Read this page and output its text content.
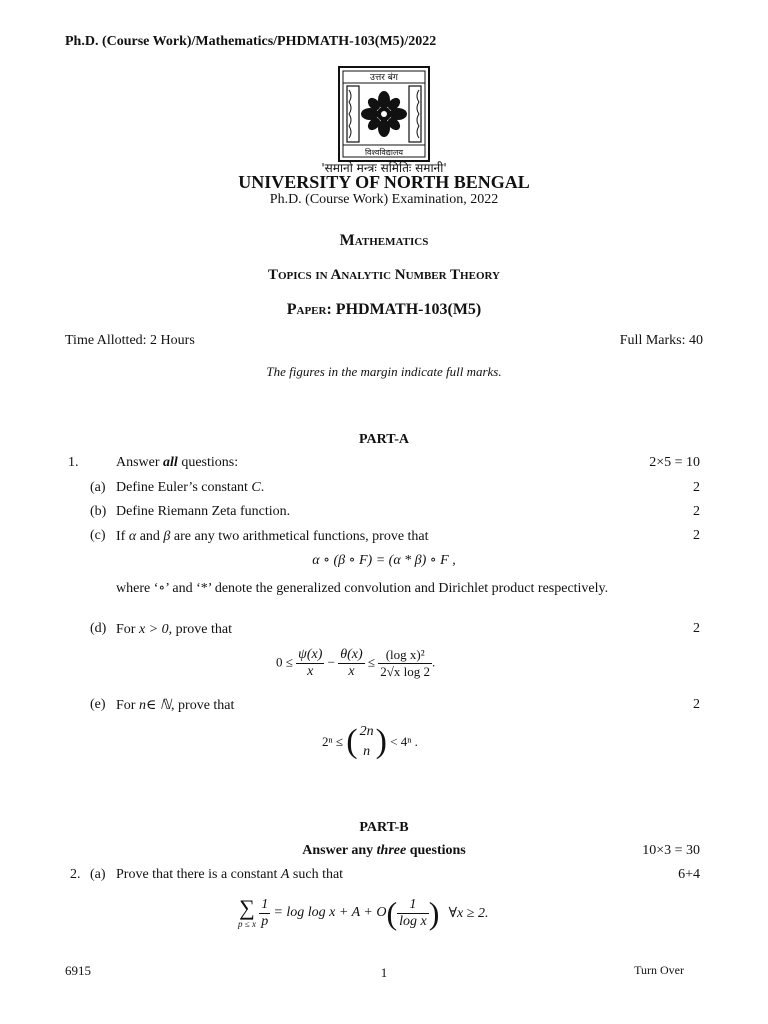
Ph.D. (Course Work)/Mathematics/PHDMATH-103(M5)/2022
उत्तर बंग
विश्वविद्यालय
'समानो मन्त्रः समितिः समानी'
UNIVERSITY OF NORTH BENGAL
Ph.D. (Course Work) Examination, 2022
Mathematics
Topics in Analytic Number Theory
Paper: PHDMATH-103(M5)
Time Allotted: 2 Hours	Full Marks: 40
The figures in the margin indicate full marks.
PART-A
1.	Answer all questions:	2×5 = 10
(a) Define Euler’s constant C.	2
(b) Define Riemann Zeta function.	2
(c) If α and β are any two arithmetical functions, prove that	2
α ∘ (β ∘ F) = (α * β) ∘ F ,
where ‘∘’ and ‘*’ denote the generalized convolution and Dirichlet product respectively.
(d) For x > 0, prove that	2
$0 \le \frac{\psi(x)}{x} - \frac{\theta(x)}{x} \le \frac{\text{(log x)²}}{\text{2√x log 2}}$ .
(e) For n∈ ℕ, prove that	2
2ⁿ ≤ ( 2n
n ) < 4ⁿ .
PART-B
Answer any three questions	10×3 = 30
2. (a) Prove that there is a constant A such that	6+4
∑
p ≤ x
$\frac{1}{p} = \log \log x + A + O( \frac{1}{\text{log x}}$ ) ∀x ≥ 2.
6915	1	Turn Over
